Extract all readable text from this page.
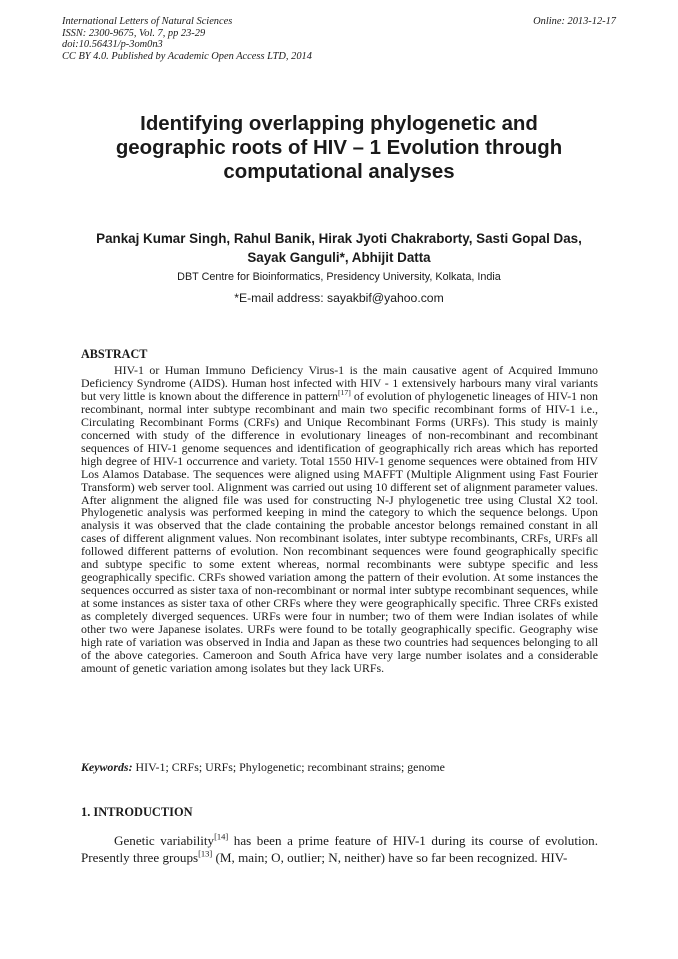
International Letters of Natural Sciences
ISSN: 2300-9675, Vol. 7, pp 23-29
doi:10.56431/p-3om0n3
CC BY 4.0. Published by Academic Open Access LTD, 2014
Online: 2013-12-17
Identifying overlapping phylogenetic and
geographic roots of HIV – 1 Evolution through
computational analyses
Pankaj Kumar Singh, Rahul Banik, Hirak Jyoti Chakraborty, Sasti Gopal Das,
Sayak Ganguli*, Abhijit Datta
DBT Centre for Bioinformatics, Presidency University, Kolkata, India
*E-mail address: sayakbif@yahoo.com
ABSTRACT
HIV-1 or Human Immuno Deficiency Virus-1 is the main causative agent of Acquired Immuno Deficiency Syndrome (AIDS). Human host infected with HIV - 1 extensively harbours many viral variants but very little is known about the difference in pattern[17] of evolution of phylogenetic lineages of HIV-1 non recombinant, normal inter subtype recombinant and main two specific recombinant forms of HIV-1 i.e., Circulating Recombinant Forms (CRFs) and Unique Recombinant Forms (URFs). This study is mainly concerned with study of the difference in evolutionary lineages of non-recombinant and recombinant sequences of HIV-1 genome sequences and identification of geographically rich areas which has reported high degree of HIV-1 occurrence and variety. Total 1550 HIV-1 genome sequences were obtained from HIV Los Alamos Database. The sequences were aligned using MAFFT (Multiple Alignment using Fast Fourier Transform) web server tool. Alignment was carried out using 10 different set of alignment parameter values. After alignment the aligned file was used for constructing N-J phylogenetic tree using Clustal X2 tool. Phylogenetic analysis was performed keeping in mind the category to which the sequence belongs. Upon analysis it was observed that the clade containing the probable ancestor belongs remained constant in all cases of different alignment values. Non recombinant isolates, inter subtype recombinants, CRFs, URFs all followed different patterns of evolution. Non recombinant sequences were found geographically specific and subtype specific to some extent whereas, normal recombinants were subtype specific and less geographically specific. CRFs showed variation among the pattern of their evolution. At some instances the sequences occurred as sister taxa of non-recombinant or normal inter subtype recombinant sequences, while at some instances as sister taxa of other CRFs where they were geographically specific. Three CRFs existed as completely diverged sequences. URFs were four in number; two of them were Indian isolates of while other two were Japanese isolates. URFs were found to be totally geographically specific. Geography wise high rate of variation was observed in India and Japan as these two countries had sequences belonging to all of the above categories. Cameroon and South Africa have very large number isolates and a considerable amount of genetic variation among isolates but they lack URFs.
Keywords: HIV-1; CRFs; URFs; Phylogenetic; recombinant strains; genome
1. INTRODUCTION
Genetic variability[14] has been a prime feature of HIV-1 during its course of evolution. Presently three groups[13] (M, main; O, outlier; N, neither) have so far been recognized. HIV-
